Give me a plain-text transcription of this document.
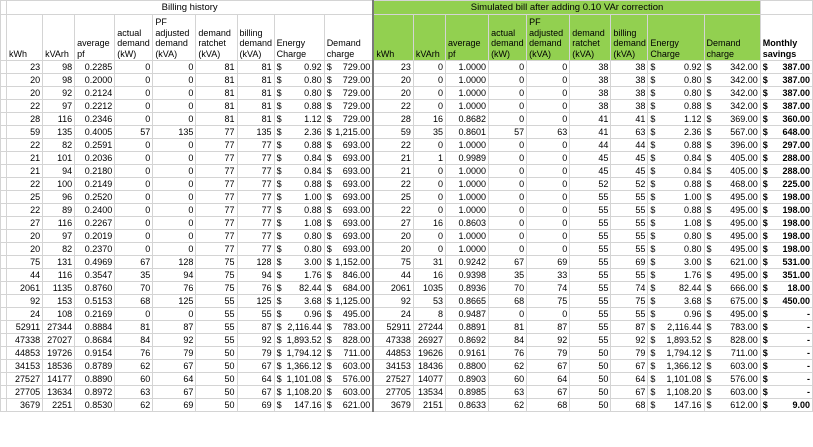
	Billing history									Simulated bill after adding 0.10 VAr correction									
	kWh	kVArh	average pf	actual demand (kW)	PF adjusted demand (kVA)	demand ratchet (kVA)	billing demand (kVA)	Energy Charge	Demand charge	kWh	kVArh	average pf	actual demand (kW)	PF adjusted demand (kVA)	demand ratchet (kVA)	billing demand (kVA)	Energy Charge	Demand charge	Monthly savings
	23	98	0.2285	0	0	81	81	$ 0.92	$ 729.00	23	0	1.0000	0	0	38	38	$ 0.92	$ 342.00	$ 387.00

	20	98	0.2000	0	0	81	81	$ 0.80	$ 729.00	20	0	1.0000	0	0	38	38	$ 0.80	$ 342.00	$ 387.00

	20	92	0.2124	0	0	81	81	$ 0.80	$ 729.00	20	0	1.0000	0	0	38	38	$ 0.80	$ 342.00	$ 387.00

	22	97	0.2212	0	0	81	81	$ 0.88	$ 729.00	22	0	1.0000	0	0	38	38	$ 0.88	$ 342.00	$ 387.00

	28	116	0.2346	0	0	81	81	$ 1.12	$ 729.00	28	16	0.8682	0	0	41	41	$ 1.12	$ 369.00	$ 360.00

	59	135	0.4005	57	135	77	135	$ 2.36	$ 1,215.00	59	35	0.8601	57	63	41	63	$ 2.36	$ 567.00	$ 648.00

	22	82	0.2591	0	0	77	77	$ 0.88	$ 693.00	22	0	1.0000	0	0	44	44	$ 0.88	$ 396.00	$ 297.00

	21	101	0.2036	0	0	77	77	$ 0.84	$ 693.00	21	1	0.9989	0	0	45	45	$ 0.84	$ 405.00	$ 288.00

	21	94	0.2180	0	0	77	77	$ 0.84	$ 693.00	21	0	1.0000	0	0	45	45	$ 0.84	$ 405.00	$ 288.00

	22	100	0.2149	0	0	77	77	$ 0.88	$ 693.00	22	0	1.0000	0	0	52	52	$ 0.88	$ 468.00	$ 225.00

	25	96	0.2520	0	0	77	77	$ 1.00	$ 693.00	25	0	1.0000	0	0	55	55	$ 1.00	$ 495.00	$ 198.00

	22	89	0.2400	0	0	77	77	$ 0.88	$ 693.00	22	0	1.0000	0	0	55	55	$ 0.88	$ 495.00	$ 198.00

	27	116	0.2267	0	0	77	77	$ 1.08	$ 693.00	27	16	0.8603	0	0	55	55	$ 1.08	$ 495.00	$ 198.00

	20	97	0.2019	0	0	77	77	$ 0.80	$ 693.00	20	0	1.0000	0	0	55	55	$ 0.80	$ 495.00	$ 198.00

	20	82	0.2370	0	0	77	77	$ 0.80	$ 693.00	20	0	1.0000	0	0	55	55	$ 0.80	$ 495.00	$ 198.00

	75	131	0.4969	67	128	75	128	$ 3.00	$ 1,152.00	75	31	0.9242	67	69	55	69	$ 3.00	$ 621.00	$ 531.00

	44	116	0.3547	35	94	75	94	$ 1.76	$ 846.00	44	16	0.9398	35	33	55	55	$ 1.76	$ 495.00	$ 351.00

	2061	1135	0.8760	70	76	75	76	$ 82.44	$ 684.00	2061	1035	0.8936	70	74	55	74	$ 82.44	$ 666.00	$ 18.00

	92	153	0.5153	68	125	55	125	$ 3.68	$ 1,125.00	92	53	0.8665	68	75	55	75	$ 3.68	$ 675.00	$ 450.00

	24	108	0.2169	0	0	55	55	$ 0.96	$ 495.00	24	8	0.9487	0	0	55	55	$ 0.96	$ 495.00	$ -

	52911	27344	0.8884	81	87	55	87	$ 2,116.44	$ 783.00	52911	27244	0.8891	81	87	55	87	$ 2,116.44	$ 783.00	$ -

	47338	27027	0.8684	84	92	55	92	$ 1,893.52	$ 828.00	47338	26927	0.8692	84	92	55	92	$ 1,893.52	$ 828.00	$ -

	44853	19726	0.9154	76	79	50	79	$ 1,794.12	$ 711.00	44853	19626	0.9161	76	79	50	79	$ 1,794.12	$ 711.00	$ -

	34153	18536	0.8789	62	67	50	67	$ 1,366.12	$ 603.00	34153	18436	0.8800	62	67	50	67	$ 1,366.12	$ 603.00	$ -

	27527	14177	0.8890	60	64	50	64	$ 1,101.08	$ 576.00	27527	14077	0.8903	60	64	50	64	$ 1,101.08	$ 576.00	$ -

	27705	13634	0.8972	63	67	50	67	$ 1,108.20	$ 603.00	27705	13534	0.8985	63	67	50	67	$ 1,108.20	$ 603.00	$ -

	3679	2251	0.8530	62	69	50	69	$ 147.16	$ 621.00	3679	2151	0.8633	62	68	50	68	$ 147.16	$ 612.00	$ 9.00
